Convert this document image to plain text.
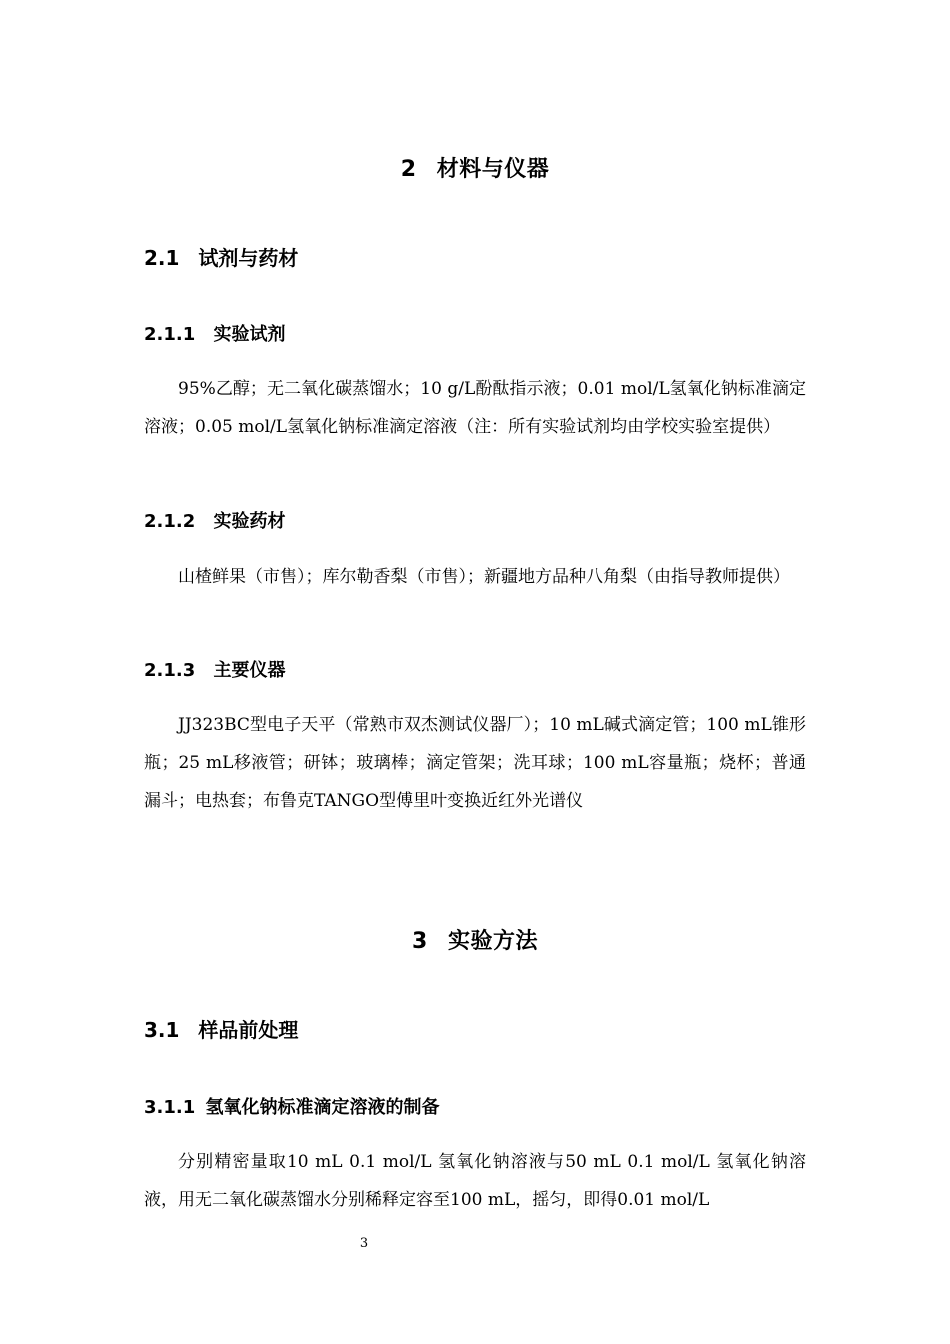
2 材料与仪器
2.1 试剂与药材
2.1.1 实验试剂

95%乙醇；无二氧化碳蒸馏水；10 g/L酚酞指示液；0.01 mol/L氢氧化钠标准滴定溶液；0.05 mol/L氢氧化钠标准滴定溶液（注：所有实验试剂均由学校实验室提供）

2.1.2 实验药材

山楂鲜果（市售）；库尔勒香梨（市售）；新疆地方品种八角梨（由指导教师提供）

2.1.3 主要仪器

JJ323BC型电子天平（常熟市双杰测试仪器厂）；10 mL碱式滴定管；100 mL锥形瓶；25 mL移液管；研钵；玻璃棒；滴定管架；洗耳球；100 mL容量瓶；烧杯；普通漏斗；电热套；布鲁克TANGO型傅里叶变换近红外光谱仪

3 实验方法
3.1 样品前处理
3.1.1 氢氧化钠标准滴定溶液的制备

分别精密量取10 mL 0.1 mol/L 氢氧化钠溶液与50 mL 0.1 mol/L 氢氧化钠溶液，用无二氧化碳蒸馏水分别稀释定容至100 mL，摇匀，即得0.01 mol/L

3
